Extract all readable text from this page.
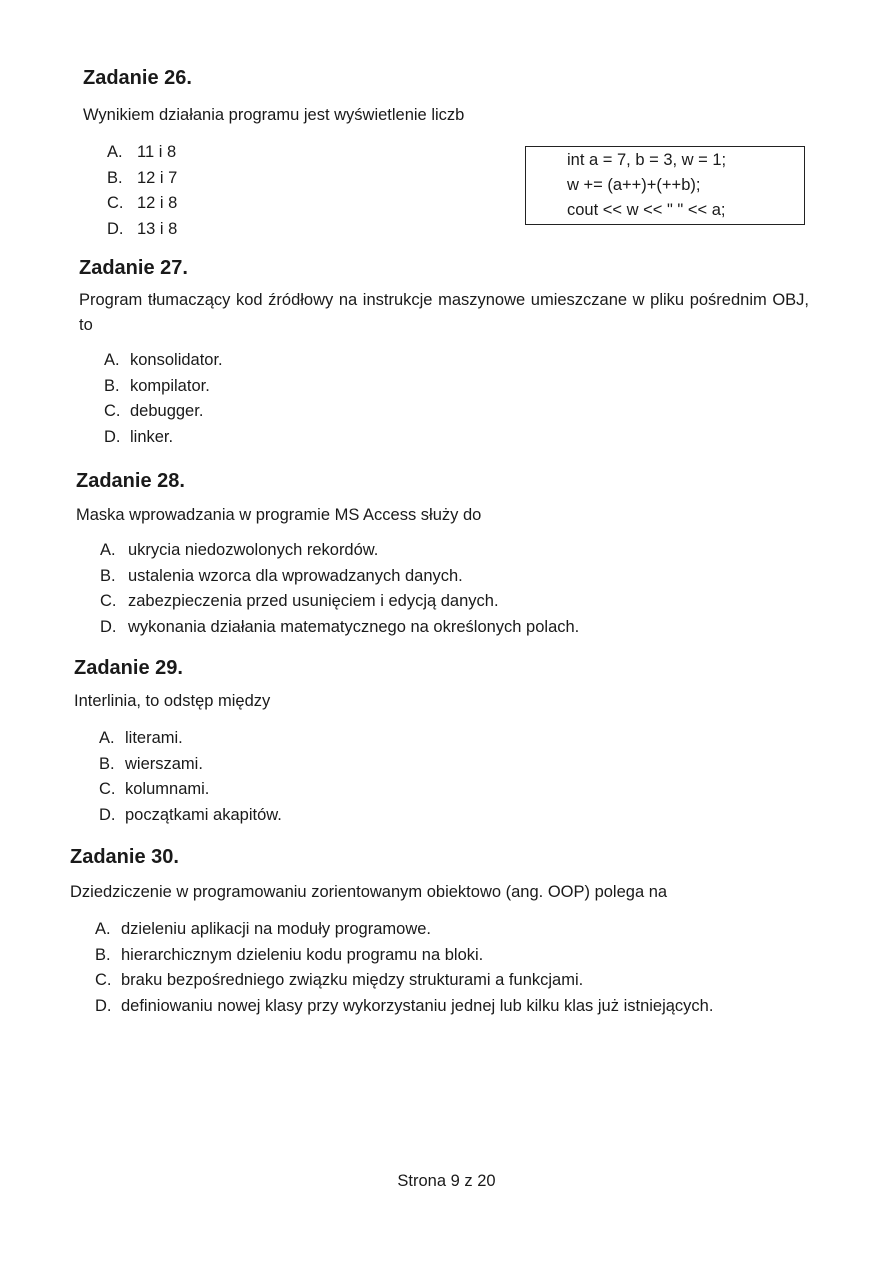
Zadanie 26.

Wynikiem działania programu jest wyświetlenie liczb

A. 11 i 8
B. 12 i 7
C. 12 i 8
D. 13 i 8
int a = 7, b = 3, w = 1;
w += (a++)+(++b);
cout << w << " " << a;
Zadanie 27.

Program tłumaczący kod źródłowy na instrukcje maszynowe umieszczane w pliku pośrednim OBJ, to

A. konsolidator.
B. kompilator.
C. debugger.
D. linker.
Zadanie 28.

Maska wprowadzania w programie MS Access służy do

A. ukrycia niedozwolonych rekordów.
B. ustalenia wzorca dla wprowadzanych danych.
C. zabezpieczenia przed usunięciem i edycją danych.
D. wykonania działania matematycznego na określonych polach.
Zadanie 29.

Interlinia, to odstęp między

A. literami.
B. wierszami.
C. kolumnami.
D. początkami akapitów.
Zadanie 30.

Dziedziczenie w programowaniu zorientowanym obiektowo (ang. OOP) polega na

A. dzieleniu aplikacji na moduły programowe.
B. hierarchicznym dzieleniu kodu programu na bloki.
C. braku bezpośredniego związku między strukturami a funkcjami.
D. definiowaniu nowej klasy przy wykorzystaniu jednej lub kilku klas już istniejących.
Strona 9 z 20
